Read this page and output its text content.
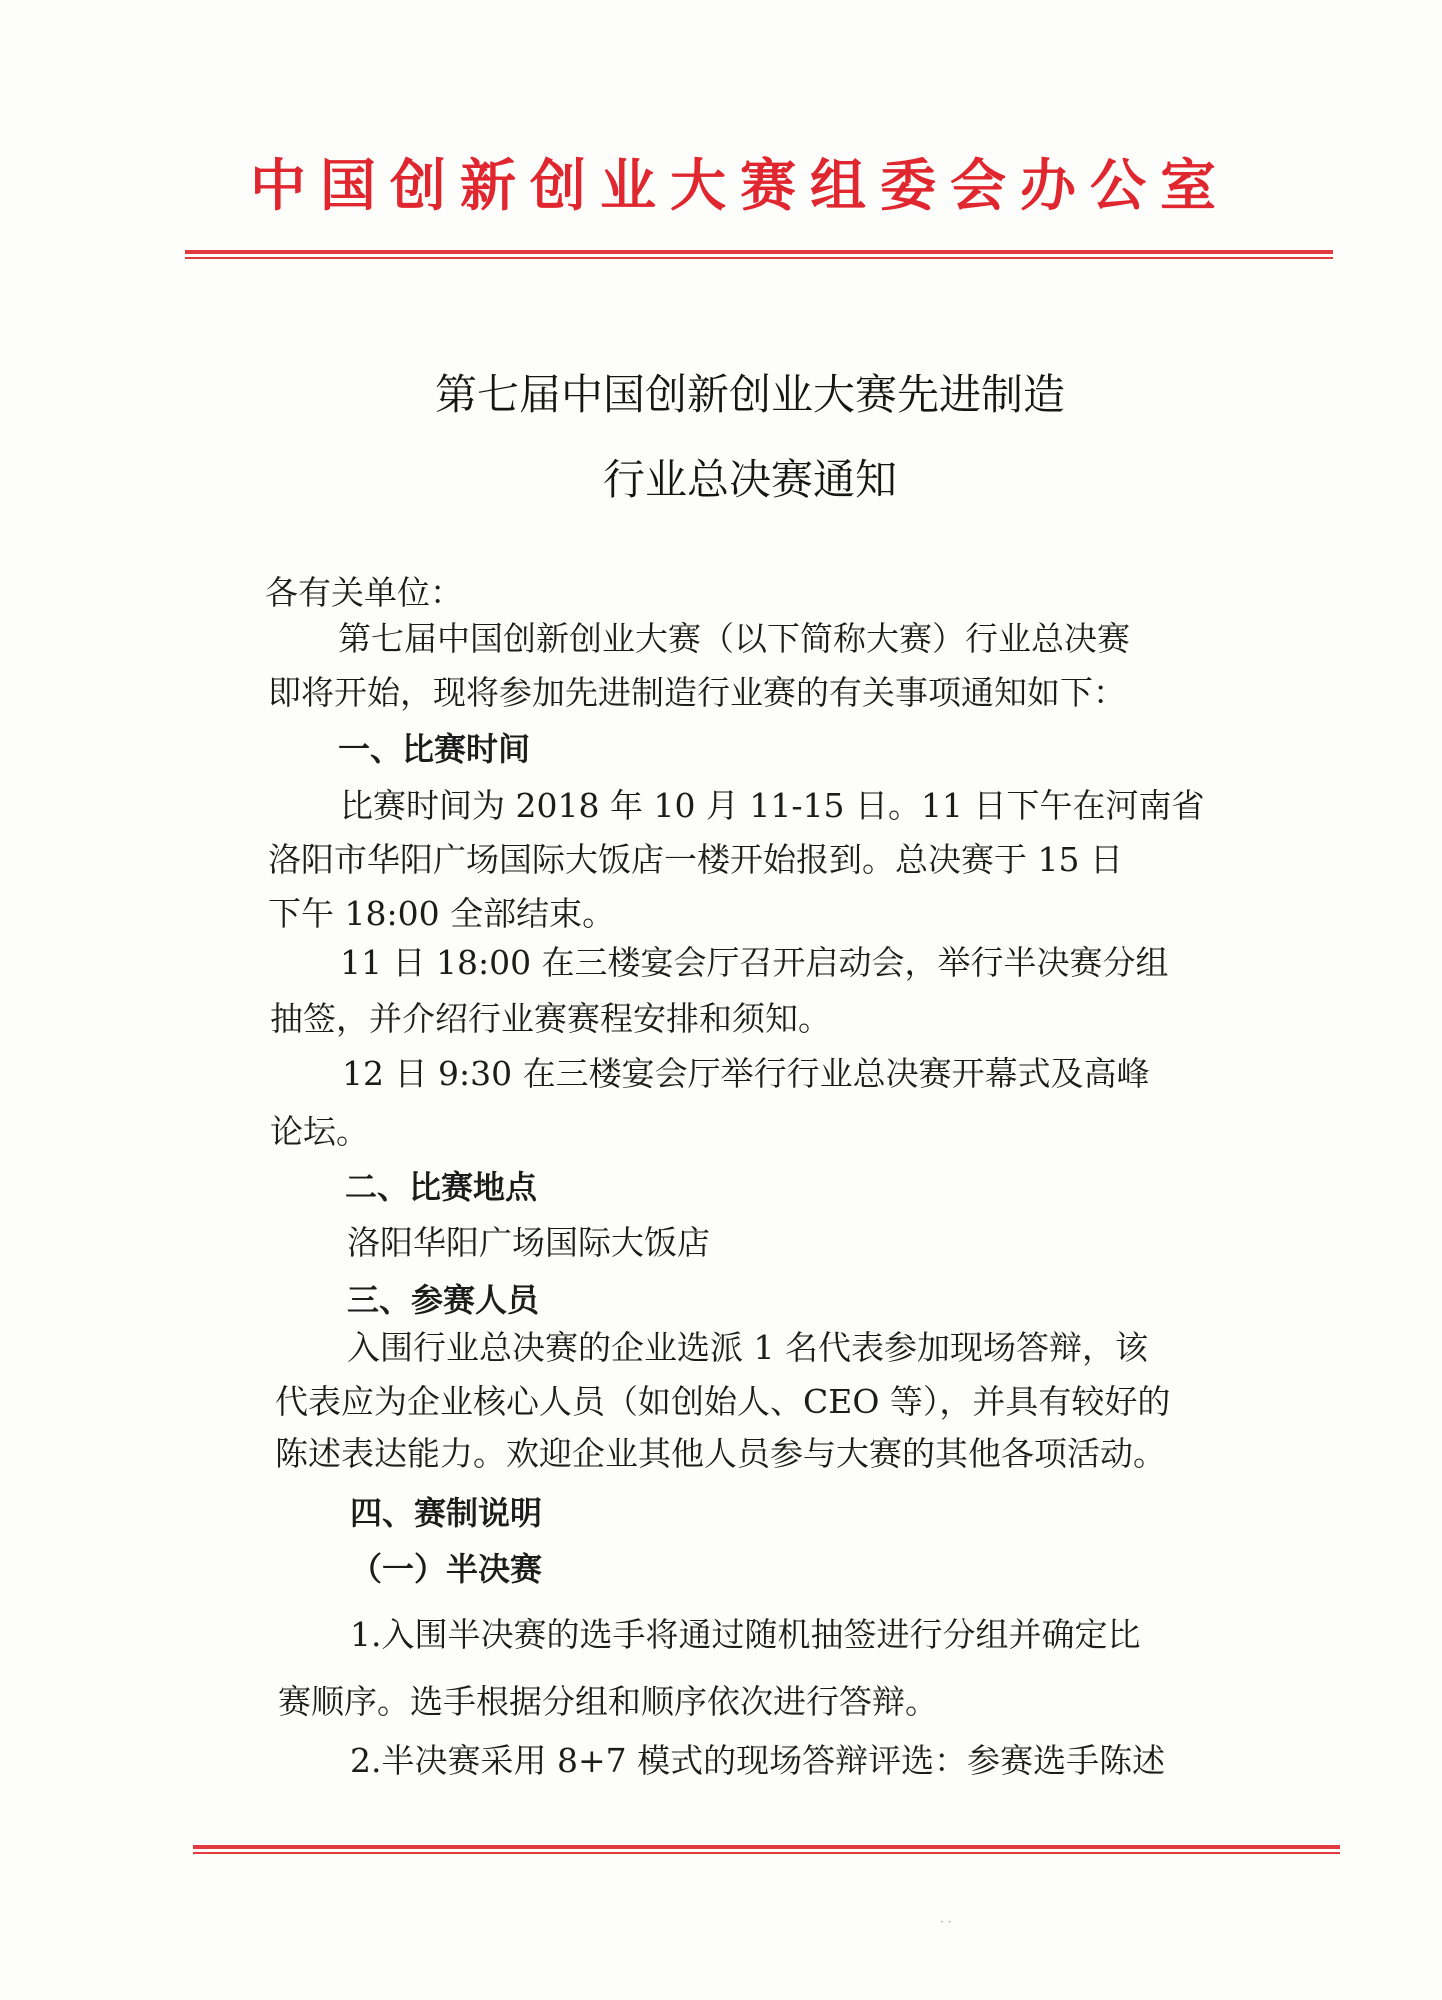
中国创新创业大赛组委会办公室
第七届中国创新创业大赛先进制造
行业总决赛通知
各有关单位：
第七届中国创新创业大赛（以下简称大赛）行业总决赛
即将开始，现将参加先进制造行业赛的有关事项通知如下：
一、比赛时间
比赛时间为 2018 年 10 月 11-15 日。11 日下午在河南省
洛阳市华阳广场国际大饭店一楼开始报到。总决赛于 15 日
下午 18:00 全部结束。
11 日 18:00 在三楼宴会厅召开启动会，举行半决赛分组
抽签，并介绍行业赛赛程安排和须知。
12 日 9:30 在三楼宴会厅举行行业总决赛开幕式及高峰
论坛。
二、比赛地点
洛阳华阳广场国际大饭店
三、参赛人员
入围行业总决赛的企业选派 1 名代表参加现场答辩，该
代表应为企业核心人员（如创始人、CEO 等），并具有较好的
陈述表达能力。欢迎企业其他人员参与大赛的其他各项活动。
四、赛制说明
（一）半决赛
1.入围半决赛的选手将通过随机抽签进行分组并确定比
赛顺序。选手根据分组和顺序依次进行答辩。
2.半决赛采用 8+7 模式的现场答辩评选：参赛选手陈述
· ·
